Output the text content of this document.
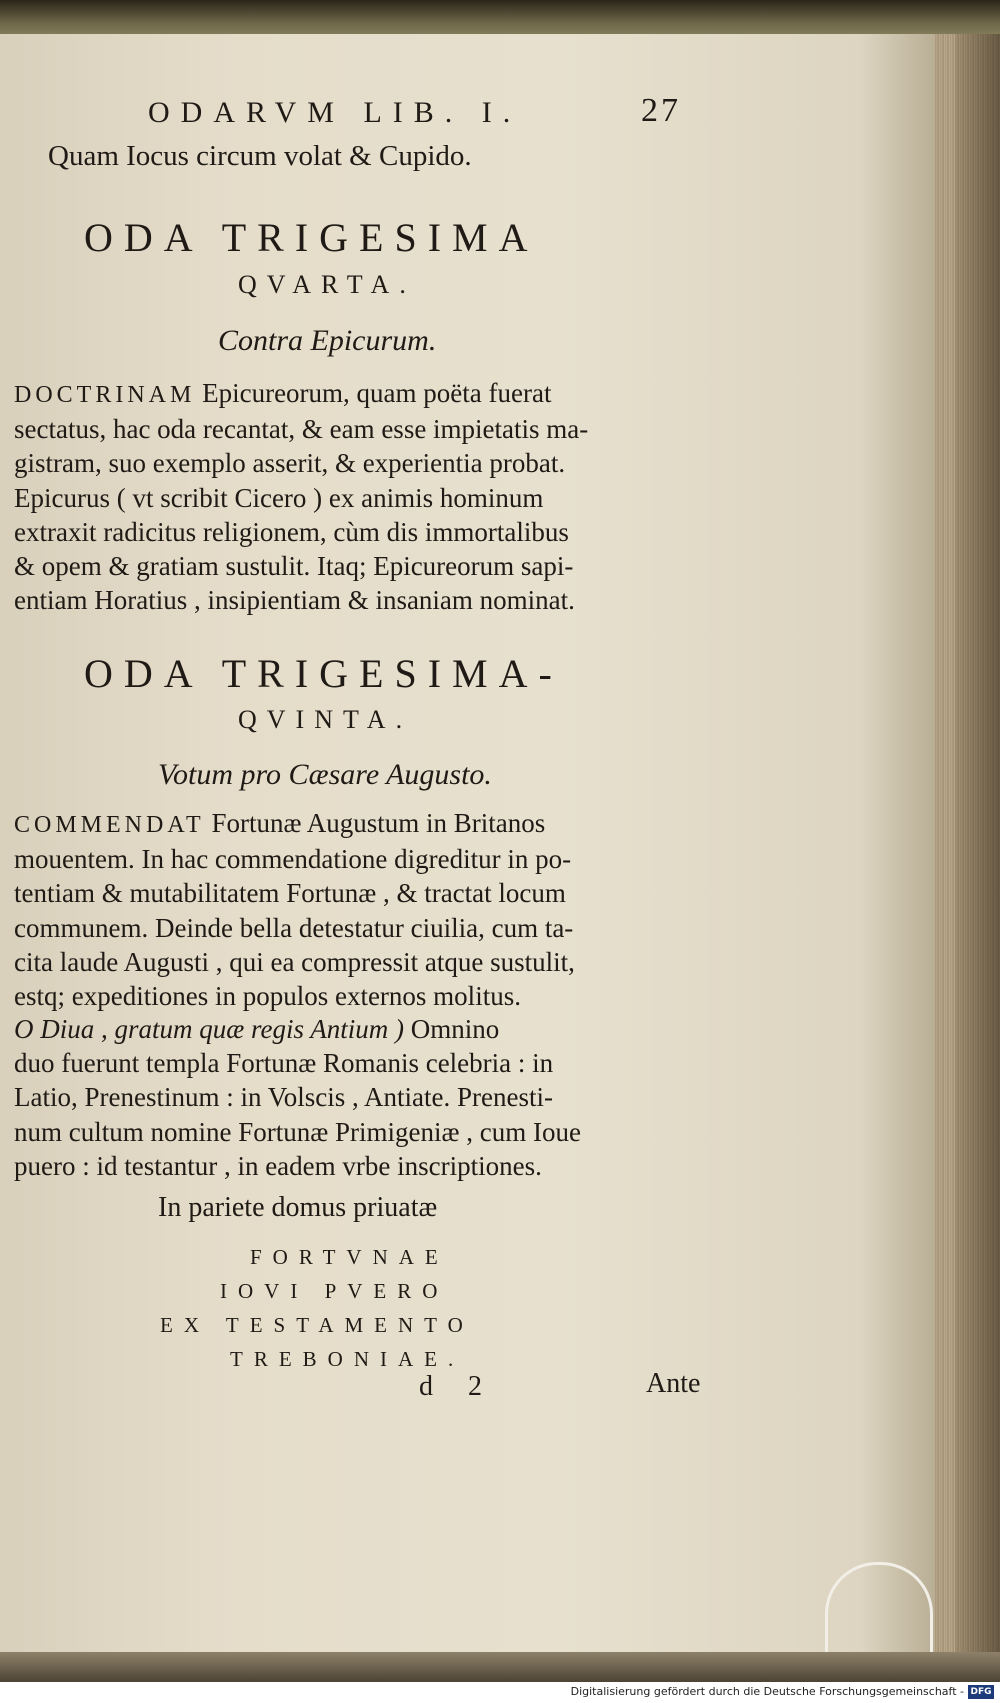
ODARVM LIB. I.	27
Quam Iocus circum volat & Cupido.
ODA TRIGESIMA
QVARTA.
Contra Epicurum.
DOCTRINAM Epicureorum, quam poëta fuerat
sectatus, hac oda recantat, & eam esse impietatis ma-
gistram, suo exemplo asserit, & experientia probat.
Epicurus ( vt scribit Cicero ) ex animis hominum
extraxit radicitus religionem, cùm dis immortalibus
& opem & gratiam sustulit. Itaq; Epicureorum sapi-
entiam Horatius , insipientiam & insaniam nominat.
ODA TRIGESIMA-
QVINTA.
Votum pro Cæsare Augusto.
COMMENDAT Fortunæ Augustum in Britanos
mouentem. In hac commendatione digreditur in po-
tentiam & mutabilitatem Fortunæ , & tractat locum
communem. Deinde bella detestatur ciuilia, cum ta-
cita laude Augusti , qui ea compressit atque sustulit,
estq; expeditiones in populos externos molitus.
O Diua , gratum quæ regis Antium ) Omnino
duo fuerunt templa Fortunæ Romanis celebria : in
Latio, Prenestinum : in Volscis , Antiate. Prenesti-
num cultum nomine Fortunæ Primigeniæ , cum Ioue
puero : id testantur , in eadem vrbe inscriptiones.
In pariete domus priuatæ
FORTVNAE
IOVI PVERO
EX TESTAMENTO
TREBONIAE.
d 2	Ante
Digitalisierung gefördert durch die Deutsche Forschungsgemeinschaft - DFG
